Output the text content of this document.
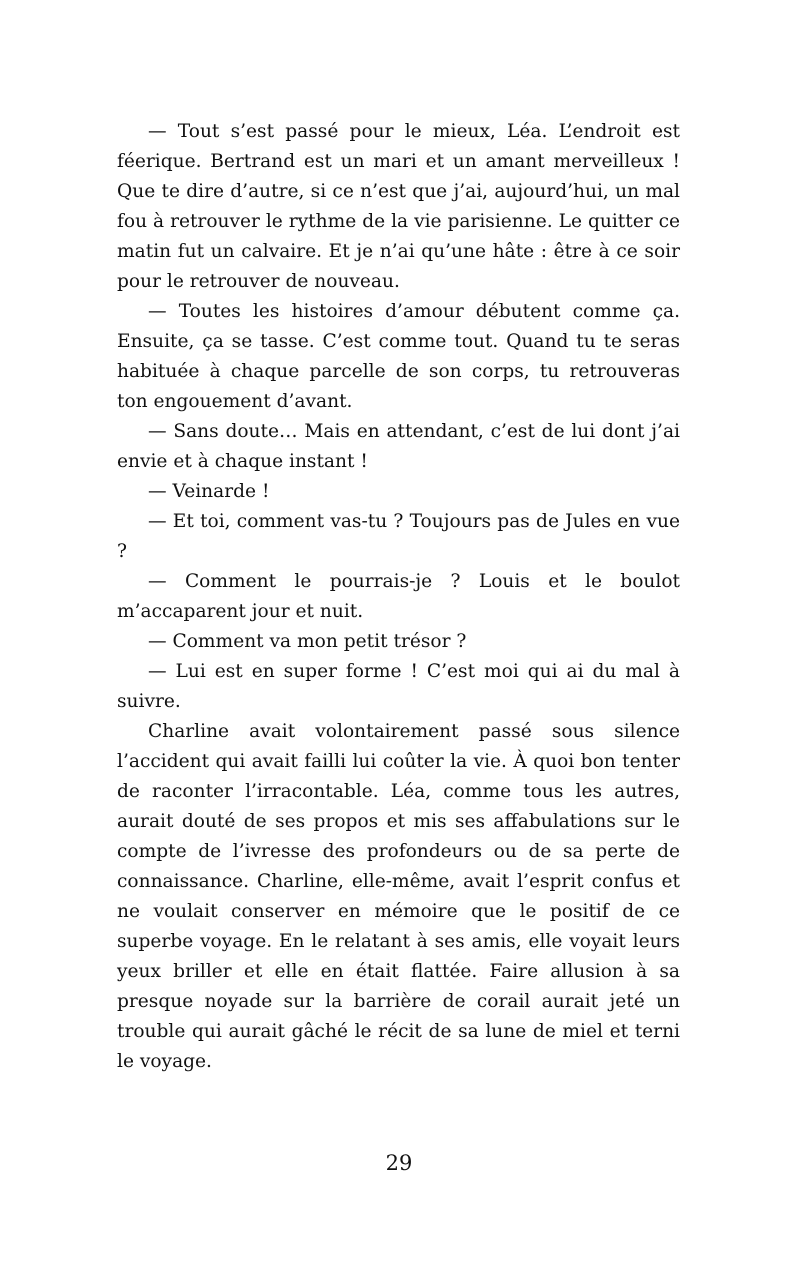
— Tout s’est passé pour le mieux, Léa. L’endroit est féerique. Bertrand est un mari et un amant merveilleux ! Que te dire d’autre, si ce n’est que j’ai, aujourd’hui, un mal fou à retrouver le rythme de la vie parisienne. Le quitter ce matin fut un calvaire. Et je n’ai qu’une hâte : être à ce soir pour le retrouver de nouveau.

— Toutes les histoires d’amour débutent comme ça. Ensuite, ça se tasse. C’est comme tout. Quand tu te seras habituée à chaque parcelle de son corps, tu retrouveras ton engouement d’avant.

— Sans doute… Mais en attendant, c’est de lui dont j’ai envie et à chaque instant !

— Veinarde !

— Et toi, comment vas-tu ? Toujours pas de Jules en vue ?

— Comment le pourrais-je ? Louis et le boulot m’accaparent jour et nuit.

— Comment va mon petit trésor ?

— Lui est en super forme ! C’est moi qui ai du mal à suivre.

Charline avait volontairement passé sous silence l’accident qui avait failli lui coûter la vie. À quoi bon tenter de raconter l’irracontable. Léa, comme tous les autres, aurait douté de ses propos et mis ses affabulations sur le compte de l’ivresse des profondeurs ou de sa perte de connaissance. Charline, elle-même, avait l’esprit confus et ne voulait conserver en mémoire que le positif de ce superbe voyage. En le relatant à ses amis, elle voyait leurs yeux briller et elle en était flattée. Faire allusion à sa presque noyade sur la barrière de corail aurait jeté un trouble qui aurait gâché le récit de sa lune de miel et terni le voyage.

29
